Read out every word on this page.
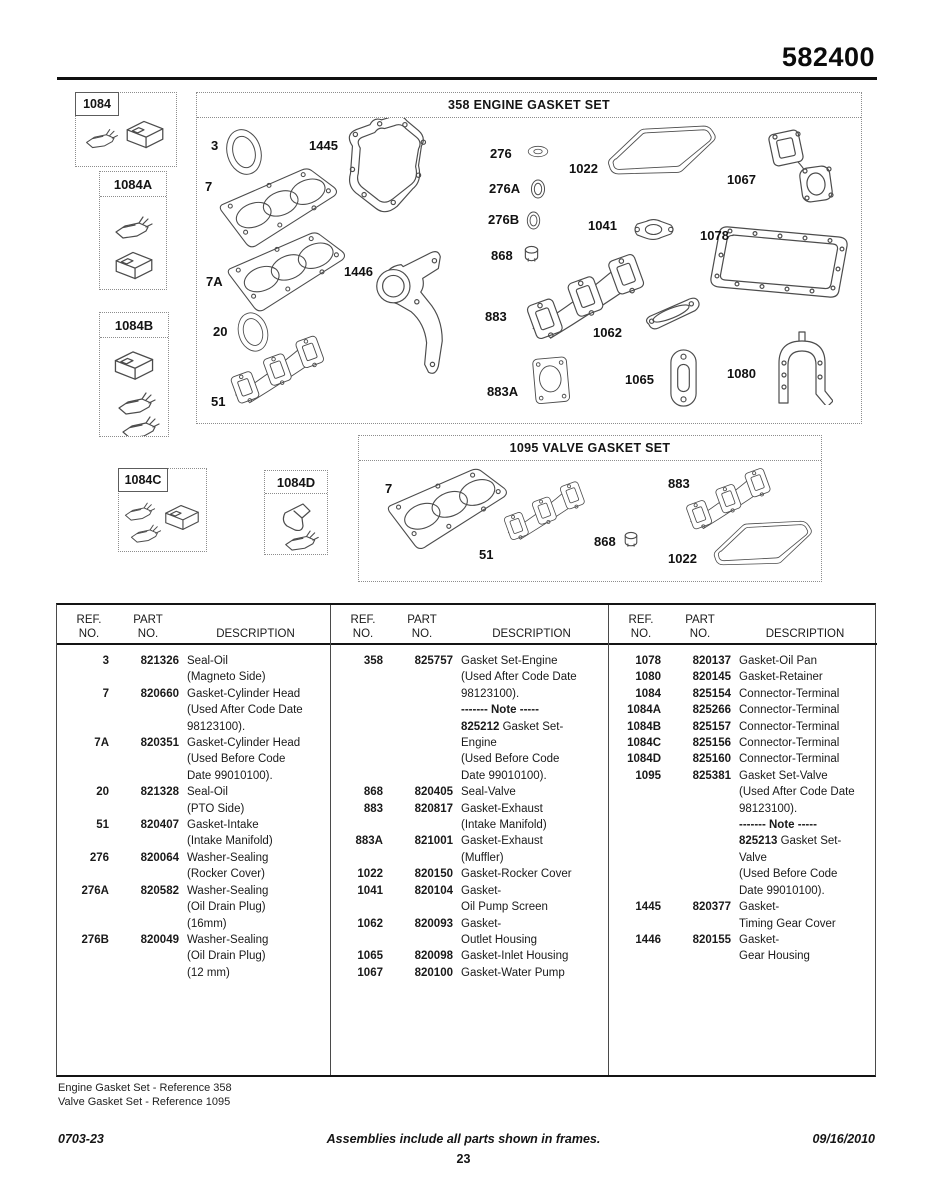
582400
1084
1084A
1084B
1084C	1084D
358 ENGINE GASKET SET
3	1445
276
1022
1067
7	276A
276B	1041
1078
868
7A
1446
883
1062
20
1065	1080
51
883A
1095 VALVE GASKET SET
7	883
51
868
1022
REF.
NO.
PART
NO.	DESCRIPTION
3	821326 Seal-Oil
(Magneto Side)
7	820660 Gasket-Cylinder Head
(Used After Code Date
98123100).
7A	820351 Gasket-Cylinder Head
(Used Before Code
Date 99010100).
20	821328 Seal-Oil
(PTO Side)
51	820407 Gasket-Intake
(Intake Manifold)
276	820064 Washer-Sealing
(Rocker Cover)
276A	820582 Washer-Sealing
(Oil Drain Plug)
(16mm)
276B	820049 Washer-Sealing
(Oil Drain Plug)
(12 mm)
REF.
NO.
PART
NO.	DESCRIPTION
358	825757 Gasket Set-Engine
(Used After Code Date
98123100).
------- Note -----
825212 Gasket Set-
Engine
(Used Before Code
Date 99010100).
868	820405 Seal-Valve
883	820817 Gasket-Exhaust
(Intake Manifold)
883A	821001 Gasket-Exhaust
(Muffler)
1022	820150 Gasket-Rocker Cover
1041	820104 Gasket-
Oil Pump Screen
1062	820093 Gasket-
Outlet Housing
1065	820098 Gasket-Inlet Housing
1067	820100 Gasket-Water Pump
REF.
NO.
PART
NO.	DESCRIPTION
1078	820137 Gasket-Oil Pan
1080	820145 Gasket-Retainer
1084	825154 Connector-Terminal
1084A	825266 Connector-Terminal
1084B	825157 Connector-Terminal
1084C	825156 Connector-Terminal
1084D	825160 Connector-Terminal
1095	825381 Gasket Set-Valve
(Used After Code Date
98123100).
------- Note -----
825213 Gasket Set-
Valve
(Used Before Code
Date 99010100).
1445	820377 Gasket-
Timing Gear Cover
1446	820155 Gasket-
Gear Housing
Engine Gasket Set - Reference 358
Valve Gasket Set - Reference 1095
0703-23	Assemblies include all parts shown in frames.	09/16/2010
23
